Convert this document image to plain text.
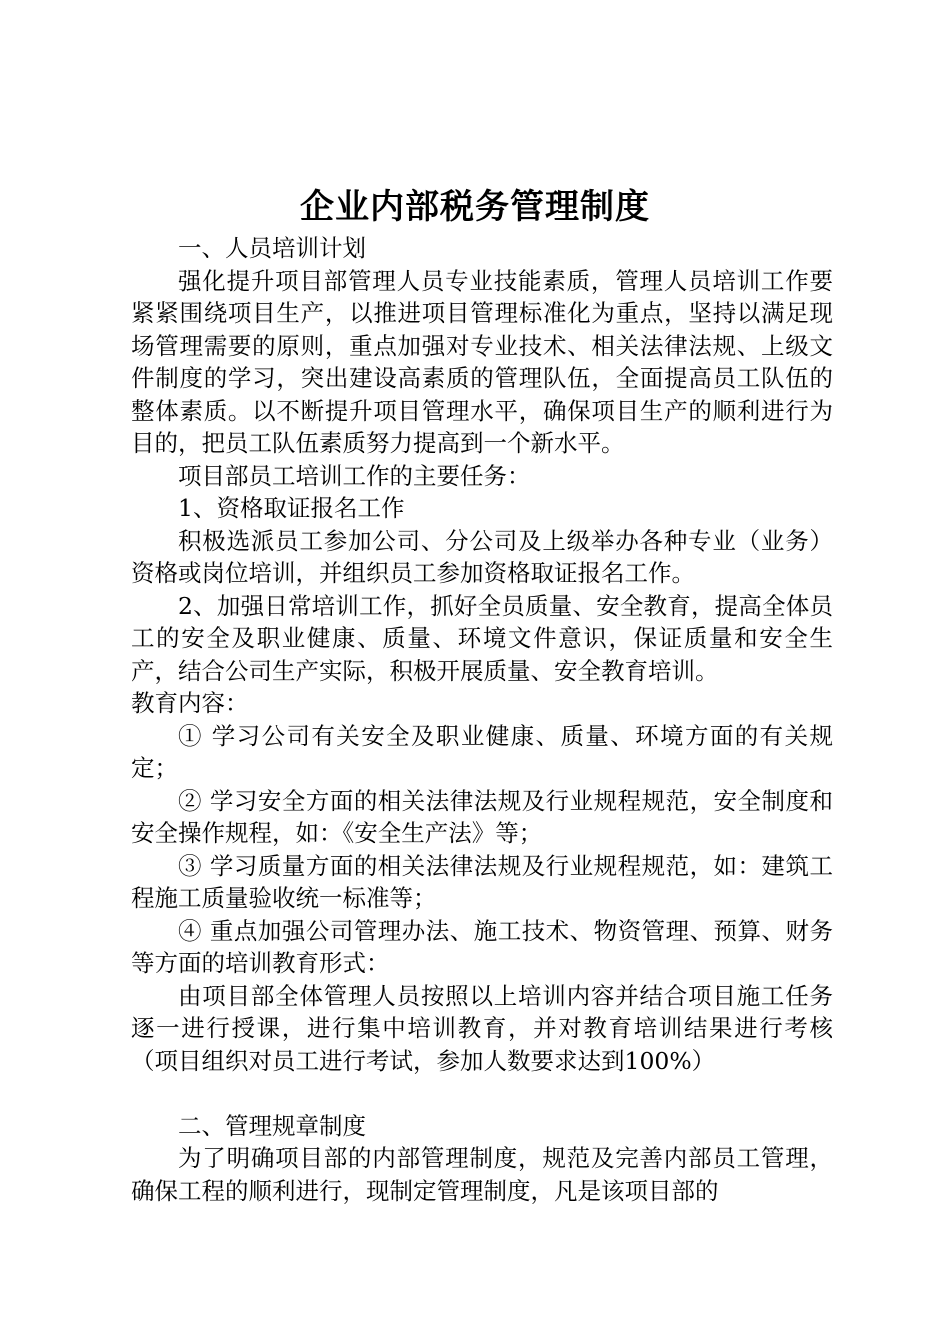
企业内部税务管理制度

一、人员培训计划

强化提升项目部管理人员专业技能素质，管理人员培训工作要紧紧围绕项目生产，以推进项目管理标准化为重点，坚持以满足现场管理需要的原则，重点加强对专业技术、相关法律法规、上级文件制度的学习，突出建设高素质的管理队伍，全面提高员工队伍的整体素质。以不断提升项目管理水平，确保项目生产的顺利进行为目的，把员工队伍素质努力提高到一个新水平。

项目部员工培训工作的主要任务：

1、资格取证报名工作

积极选派员工参加公司、分公司及上级举办各种专业（业务）资格或岗位培训，并组织员工参加资格取证报名工作。

2、加强日常培训工作，抓好全员质量、安全教育，提高全体员工的安全及职业健康、质量、环境文件意识，保证质量和安全生产，结合公司生产实际，积极开展质量、安全教育培训。

教育内容：

① 学习公司有关安全及职业健康、质量、环境方面的有关规定；

② 学习安全方面的相关法律法规及行业规程规范，安全制度和安全操作规程，如：《安全生产法》等；

③ 学习质量方面的相关法律法规及行业规程规范，如：建筑工程施工质量验收统一标准等；

④ 重点加强公司管理办法、施工技术、物资管理、预算、财务等方面的培训教育形式：

由项目部全体管理人员按照以上培训内容并结合项目施工任务逐一进行授课，进行集中培训教育，并对教育培训结果进行考核（项目组织对员工进行考试，参加人数要求达到100%）

二、管理规章制度

为了明确项目部的内部管理制度，规范及完善内部员工管理，确保工程的顺利进行，现制定管理制度，凡是该项目部的
